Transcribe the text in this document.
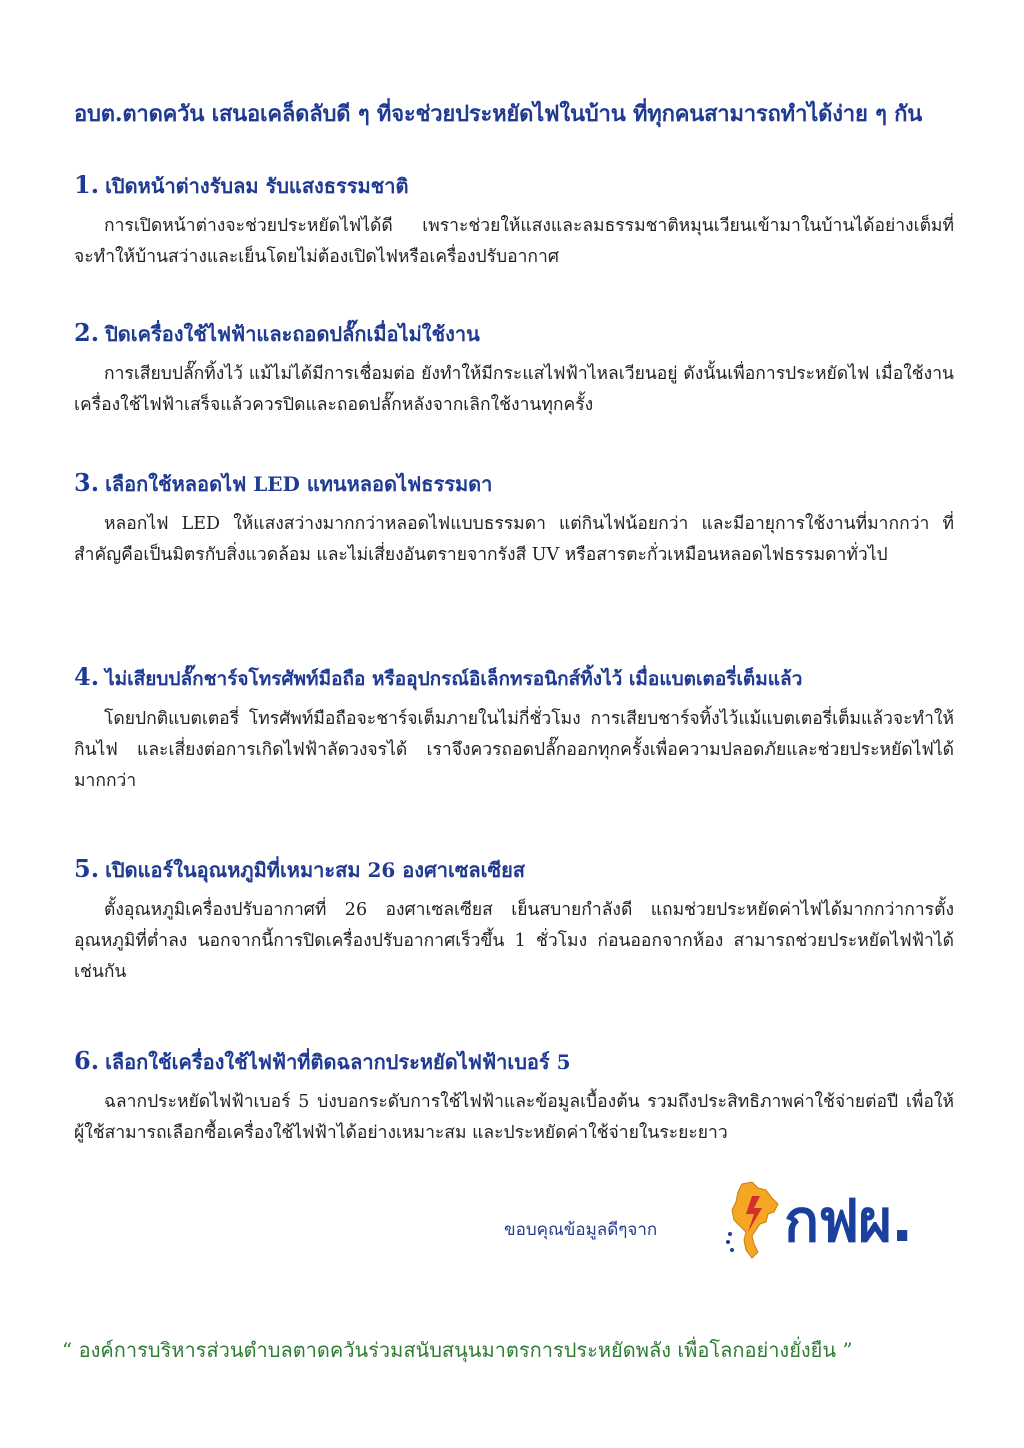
อบต.ตาดควัน เสนอเคล็ดลับดี ๆ ที่จะช่วยประหยัดไฟในบ้าน ที่ทุกคนสามารถทำได้ง่าย ๆ กัน

1. เปิดหน้าต่างรับลม รับแสงธรรมชาติ

การเปิดหน้าต่างจะช่วยประหยัดไฟได้ดี เพราะช่วยให้แสงและลมธรรมชาติหมุนเวียนเข้ามาในบ้านได้อย่างเต็มที่ จะทำให้บ้านสว่างและเย็นโดยไม่ต้องเปิดไฟหรือเครื่องปรับอากาศ

2. ปิดเครื่องใช้ไฟฟ้าและถอดปลั๊กเมื่อไม่ใช้งาน

การเสียบปลั๊กทิ้งไว้ แม้ไม่ได้มีการเชื่อมต่อ ยังทำให้มีกระแสไฟฟ้าไหลเวียนอยู่ ดังนั้นเพื่อการประหยัดไฟ เมื่อใช้งานเครื่องใช้ไฟฟ้าเสร็จแล้วควรปิดและถอดปลั๊กหลังจากเลิกใช้งานทุกครั้ง

3. เลือกใช้หลอดไฟ LED แทนหลอดไฟธรรมดา

หลอกไฟ LED ให้แสงสว่างมากกว่าหลอดไฟแบบธรรมดา แต่กินไฟน้อยกว่า และมีอายุการใช้งานที่มากกว่า ที่สำคัญคือเป็นมิตรกับสิ่งแวดล้อม และไม่เสี่ยงอันตรายจากรังสี UV หรือสารตะกั่วเหมือนหลอดไฟธรรมดาทั่วไป

4. ไม่เสียบปลั๊กชาร์จโทรศัพท์มือถือ หรืออุปกรณ์อิเล็กทรอนิกส์ทิ้งไว้ เมื่อแบตเตอรี่เต็มแล้ว

โดยปกติแบตเตอรี่ โทรศัพท์มือถือจะชาร์จเต็มภายในไม่กี่ชั่วโมง การเสียบชาร์จทิ้งไว้แม้แบตเตอรี่เต็มแล้วจะทำให้กินไฟ และเสี่ยงต่อการเกิดไฟฟ้าลัดวงจรได้ เราจึงควรถอดปลั๊กออกทุกครั้งเพื่อความปลอดภัยและช่วยประหยัดไฟได้มากกว่า

5. เปิดแอร์ในอุณหภูมิที่เหมาะสม 26 องศาเซลเซียส

ตั้งอุณหภูมิเครื่องปรับอากาศที่ 26 องศาเซลเซียส เย็นสบายกำลังดี แถมช่วยประหยัดค่าไฟได้มากกว่าการตั้งอุณหภูมิที่ต่ำลง นอกจากนี้การปิดเครื่องปรับอากาศเร็วขึ้น 1 ชั่วโมง ก่อนออกจากห้อง สามารถช่วยประหยัดไฟฟ้าได้เช่นกัน

6. เลือกใช้เครื่องใช้ไฟฟ้าที่ติดฉลากประหยัดไฟฟ้าเบอร์ 5

ฉลากประหยัดไฟฟ้าเบอร์ 5 บ่งบอกระดับการใช้ไฟฟ้าและข้อมูลเบื้องต้น รวมถึงประสิทธิภาพค่าใช้จ่ายต่อปี เพื่อให้ผู้ใช้สามารถเลือกซื้อเครื่องใช้ไฟฟ้าได้อย่างเหมาะสม และประหยัดค่าใช้จ่ายในระยะยาว

ขอบคุณข้อมูลดีๆจาก กฟผ.
“ องค์การบริหารส่วนตำบลตาดควันร่วมสนับสนุนมาตรการประหยัดพลัง เพื่อโลกอย่างยั่งยืน ”
